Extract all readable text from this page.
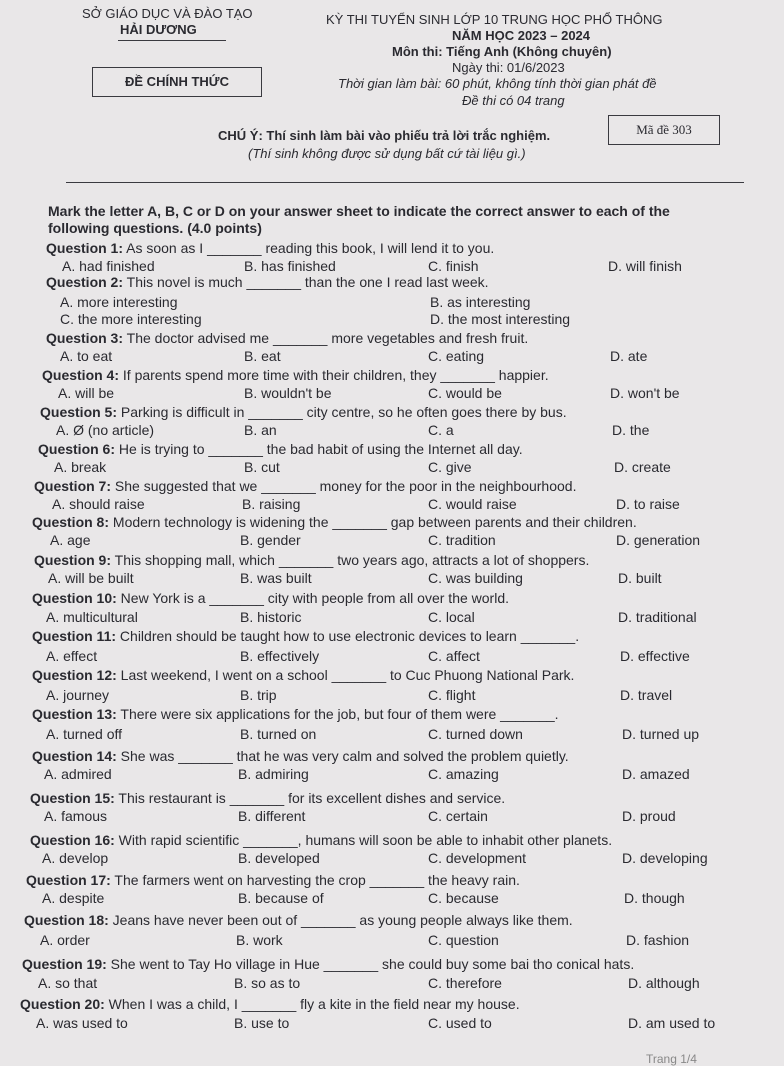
SỞ GIÁO DỤC VÀ ĐÀO TẠO
HẢI DƯƠNG
KỲ THI TUYỂN SINH LỚP 10 TRUNG HỌC PHỔ THÔNG
NĂM HỌC 2023 – 2024
Môn thi: Tiếng Anh (Không chuyên)
Ngày thi: 01/6/2023
ĐỀ CHÍNH THỨC	Thời gian làm bài: 60 phút, không tính thời gian phát đề
Đề thi có 04 trang
CHÚ Ý: Thí sinh làm bài vào phiếu trả lời trắc nghiệm.	Mã đề 303
(Thí sinh không được sử dụng bất cứ tài liệu gì.)
Mark the letter A, B, C or D on your answer sheet to indicate the correct answer to each of the
following questions. (4.0 points)
Question 1: As soon as I _______ reading this book, I will lend it to you.
A. had finished	B. has finished	C. finish	D. will finish
Question 2: This novel is much _______ than the one I read last week.
A. more interesting	B. as interesting
C. the more interesting	D. the most interesting
Question 3: The doctor advised me _______ more vegetables and fresh fruit.
A. to eat	B. eat	C. eating	D. ate
Question 4: If parents spend more time with their children, they _______ happier.
A. will be	B. wouldn't be	C. would be	D. won't be
Question 5: Parking is difficult in _______ city centre, so he often goes there by bus.
A. Ø (no article)	B. an	C. a	D. the
Question 6: He is trying to _______ the bad habit of using the Internet all day.
A. break	B. cut	C. give	D. create
Question 7: She suggested that we _______ money for the poor in the neighbourhood.
A. should raise	B. raising	C. would raise	D. to raise
Question 8: Modern technology is widening the _______ gap between parents and their children.
A. age	B. gender	C. tradition	D. generation
Question 9: This shopping mall, which _______ two years ago, attracts a lot of shoppers.
A. will be built	B. was built	C. was building	D. built
Question 10: New York is a _______ city with people from all over the world.
A. multicultural	B. historic	C. local	D. traditional
Question 11: Children should be taught how to use electronic devices to learn _______.
A. effect	B. effectively	C. affect	D. effective
Question 12: Last weekend, I went on a school _______ to Cuc Phuong National Park.
A. journey	B. trip	C. flight	D. travel
Question 13: There were six applications for the job, but four of them were _______.
A. turned off	B. turned on	C. turned down	D. turned up
Question 14: She was _______ that he was very calm and solved the problem quietly.
A. admired	B. admiring	C. amazing	D. amazed
Question 15: This restaurant is _______ for its excellent dishes and service.
A. famous	B. different	C. certain	D. proud
Question 16: With rapid scientific _______, humans will soon be able to inhabit other planets.
A. develop	B. developed	C. development	D. developing
Question 17: The farmers went on harvesting the crop _______ the heavy rain.
A. despite	B. because of	C. because	D. though
Question 18: Jeans have never been out of _______ as young people always like them.
A. order	B. work	C. question	D. fashion
Question 19: She went to Tay Ho village in Hue _______ she could buy some bai tho conical hats.
A. so that	B. so as to	C. therefore	D. although
Question 20: When I was a child, I _______ fly a kite in the field near my house.
A. was used to	B. use to	C. used to	D. am used to
Trang 1/4
